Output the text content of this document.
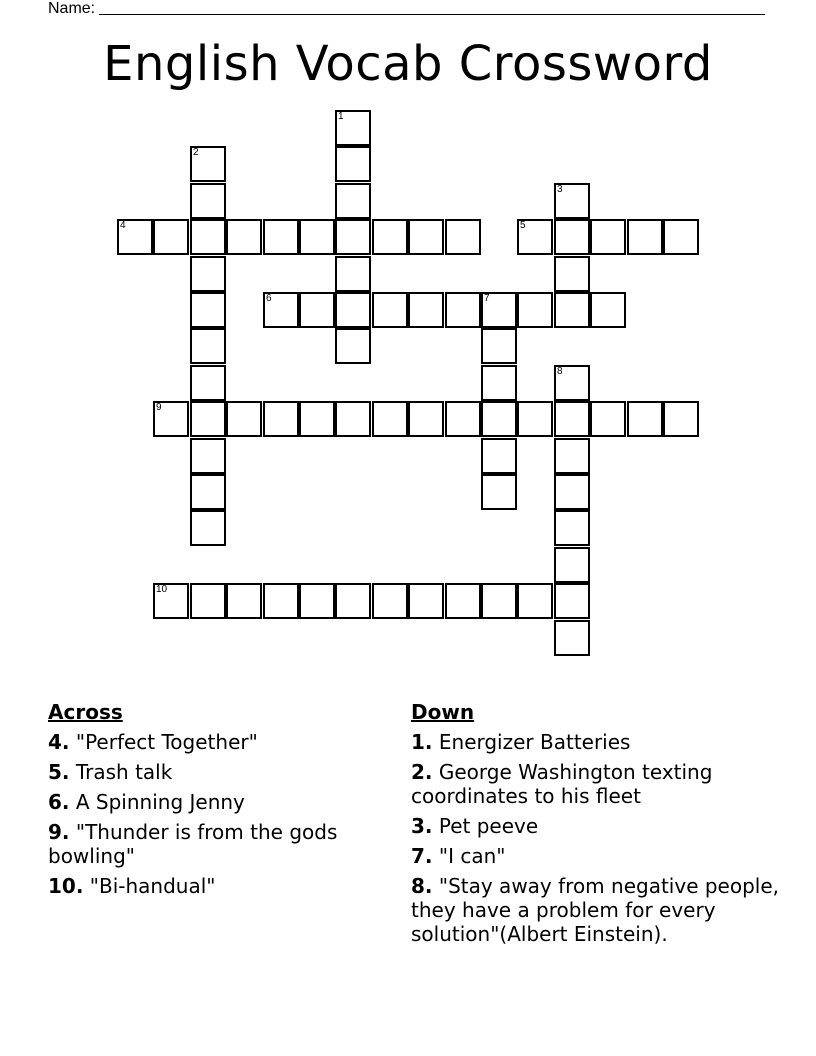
Name:
English Vocab Crossword
1
2
3
4	5
6	7
8
9
10
Across
4. "Perfect Together"
5. Trash talk
6. A Spinning Jenny
9. "Thunder is from the gods bowling"
10. "Bi-handual"
Down
1. Energizer Batteries
2. George Washington texting coordinates to his fleet
3. Pet peeve
7. "I can"
8. "Stay away from negative people, they have a problem for every solution"(Albert Einstein).
